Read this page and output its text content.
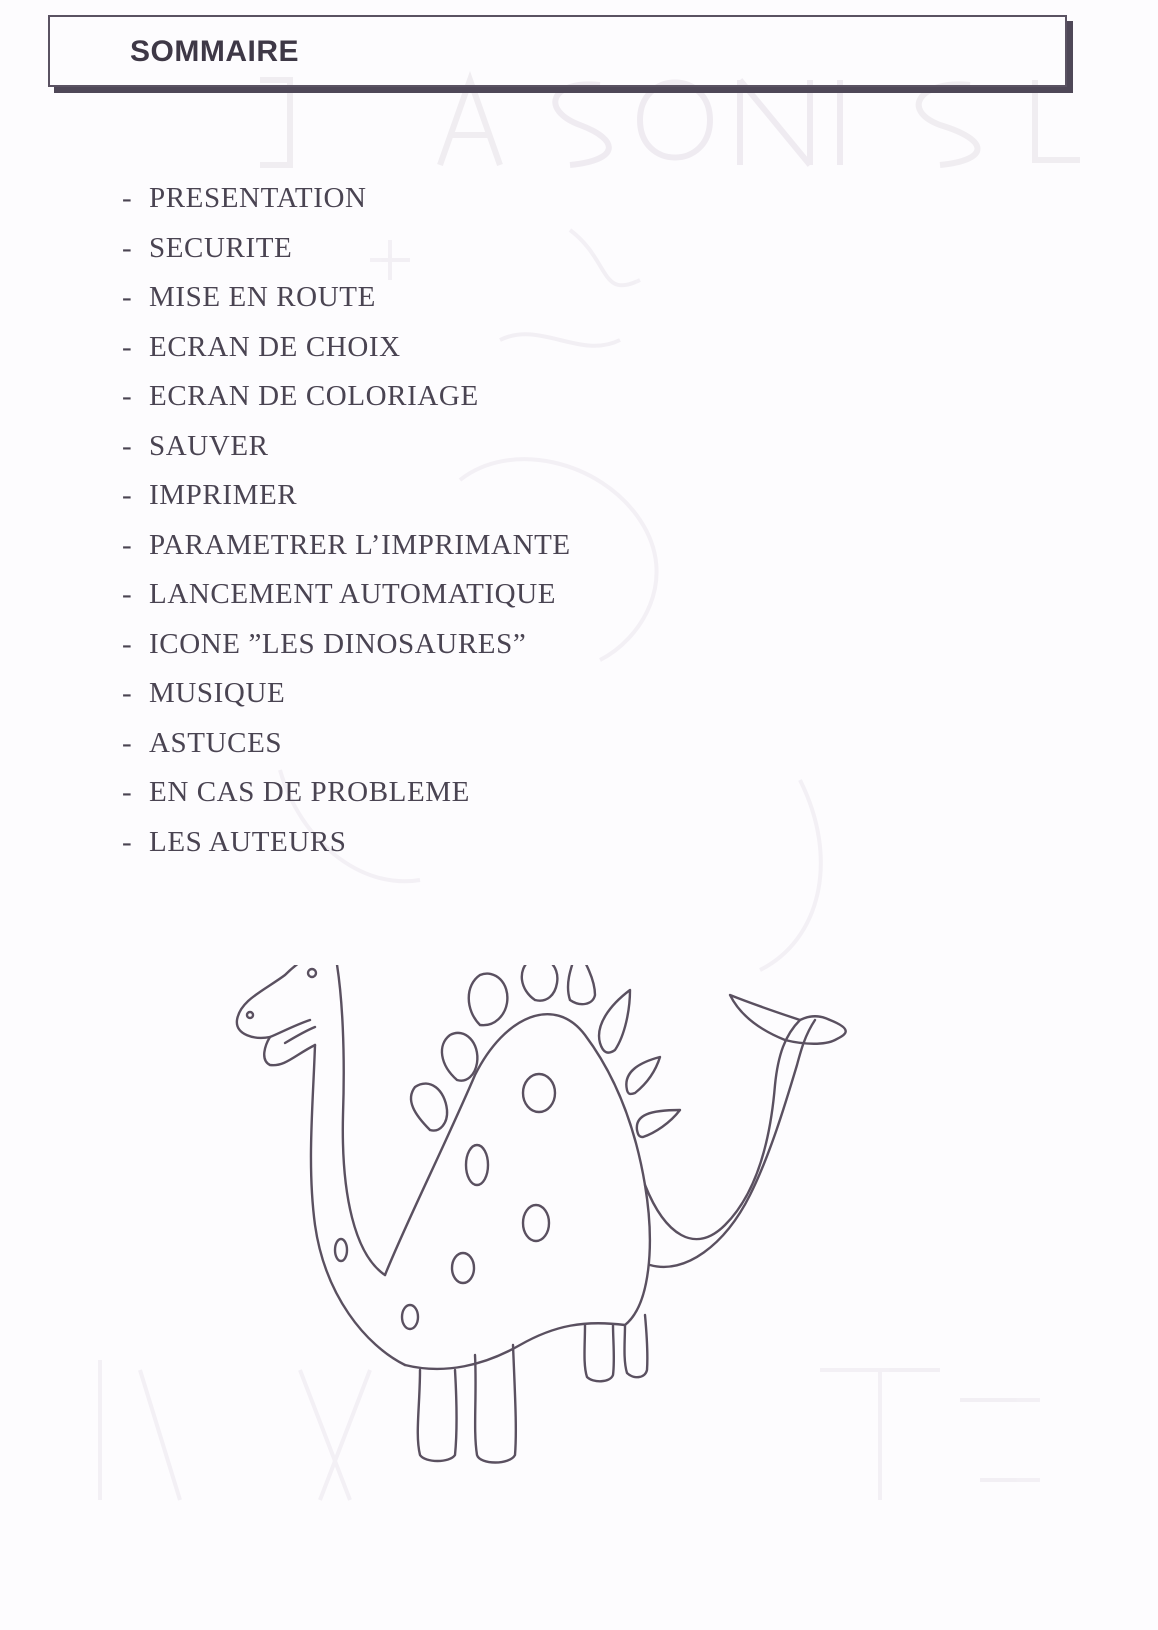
SOMMAIRE
- PRESENTATION
- SECURITE
- MISE EN ROUTE
- ECRAN DE CHOIX
- ECRAN DE COLORIAGE
- SAUVER
- IMPRIMER
- PARAMETRER L’IMPRIMANTE
- LANCEMENT AUTOMATIQUE
- ICONE ”LES DINOSAURES”
- MUSIQUE
- ASTUCES
- EN CAS DE PROBLEME
- LES AUTEURS
